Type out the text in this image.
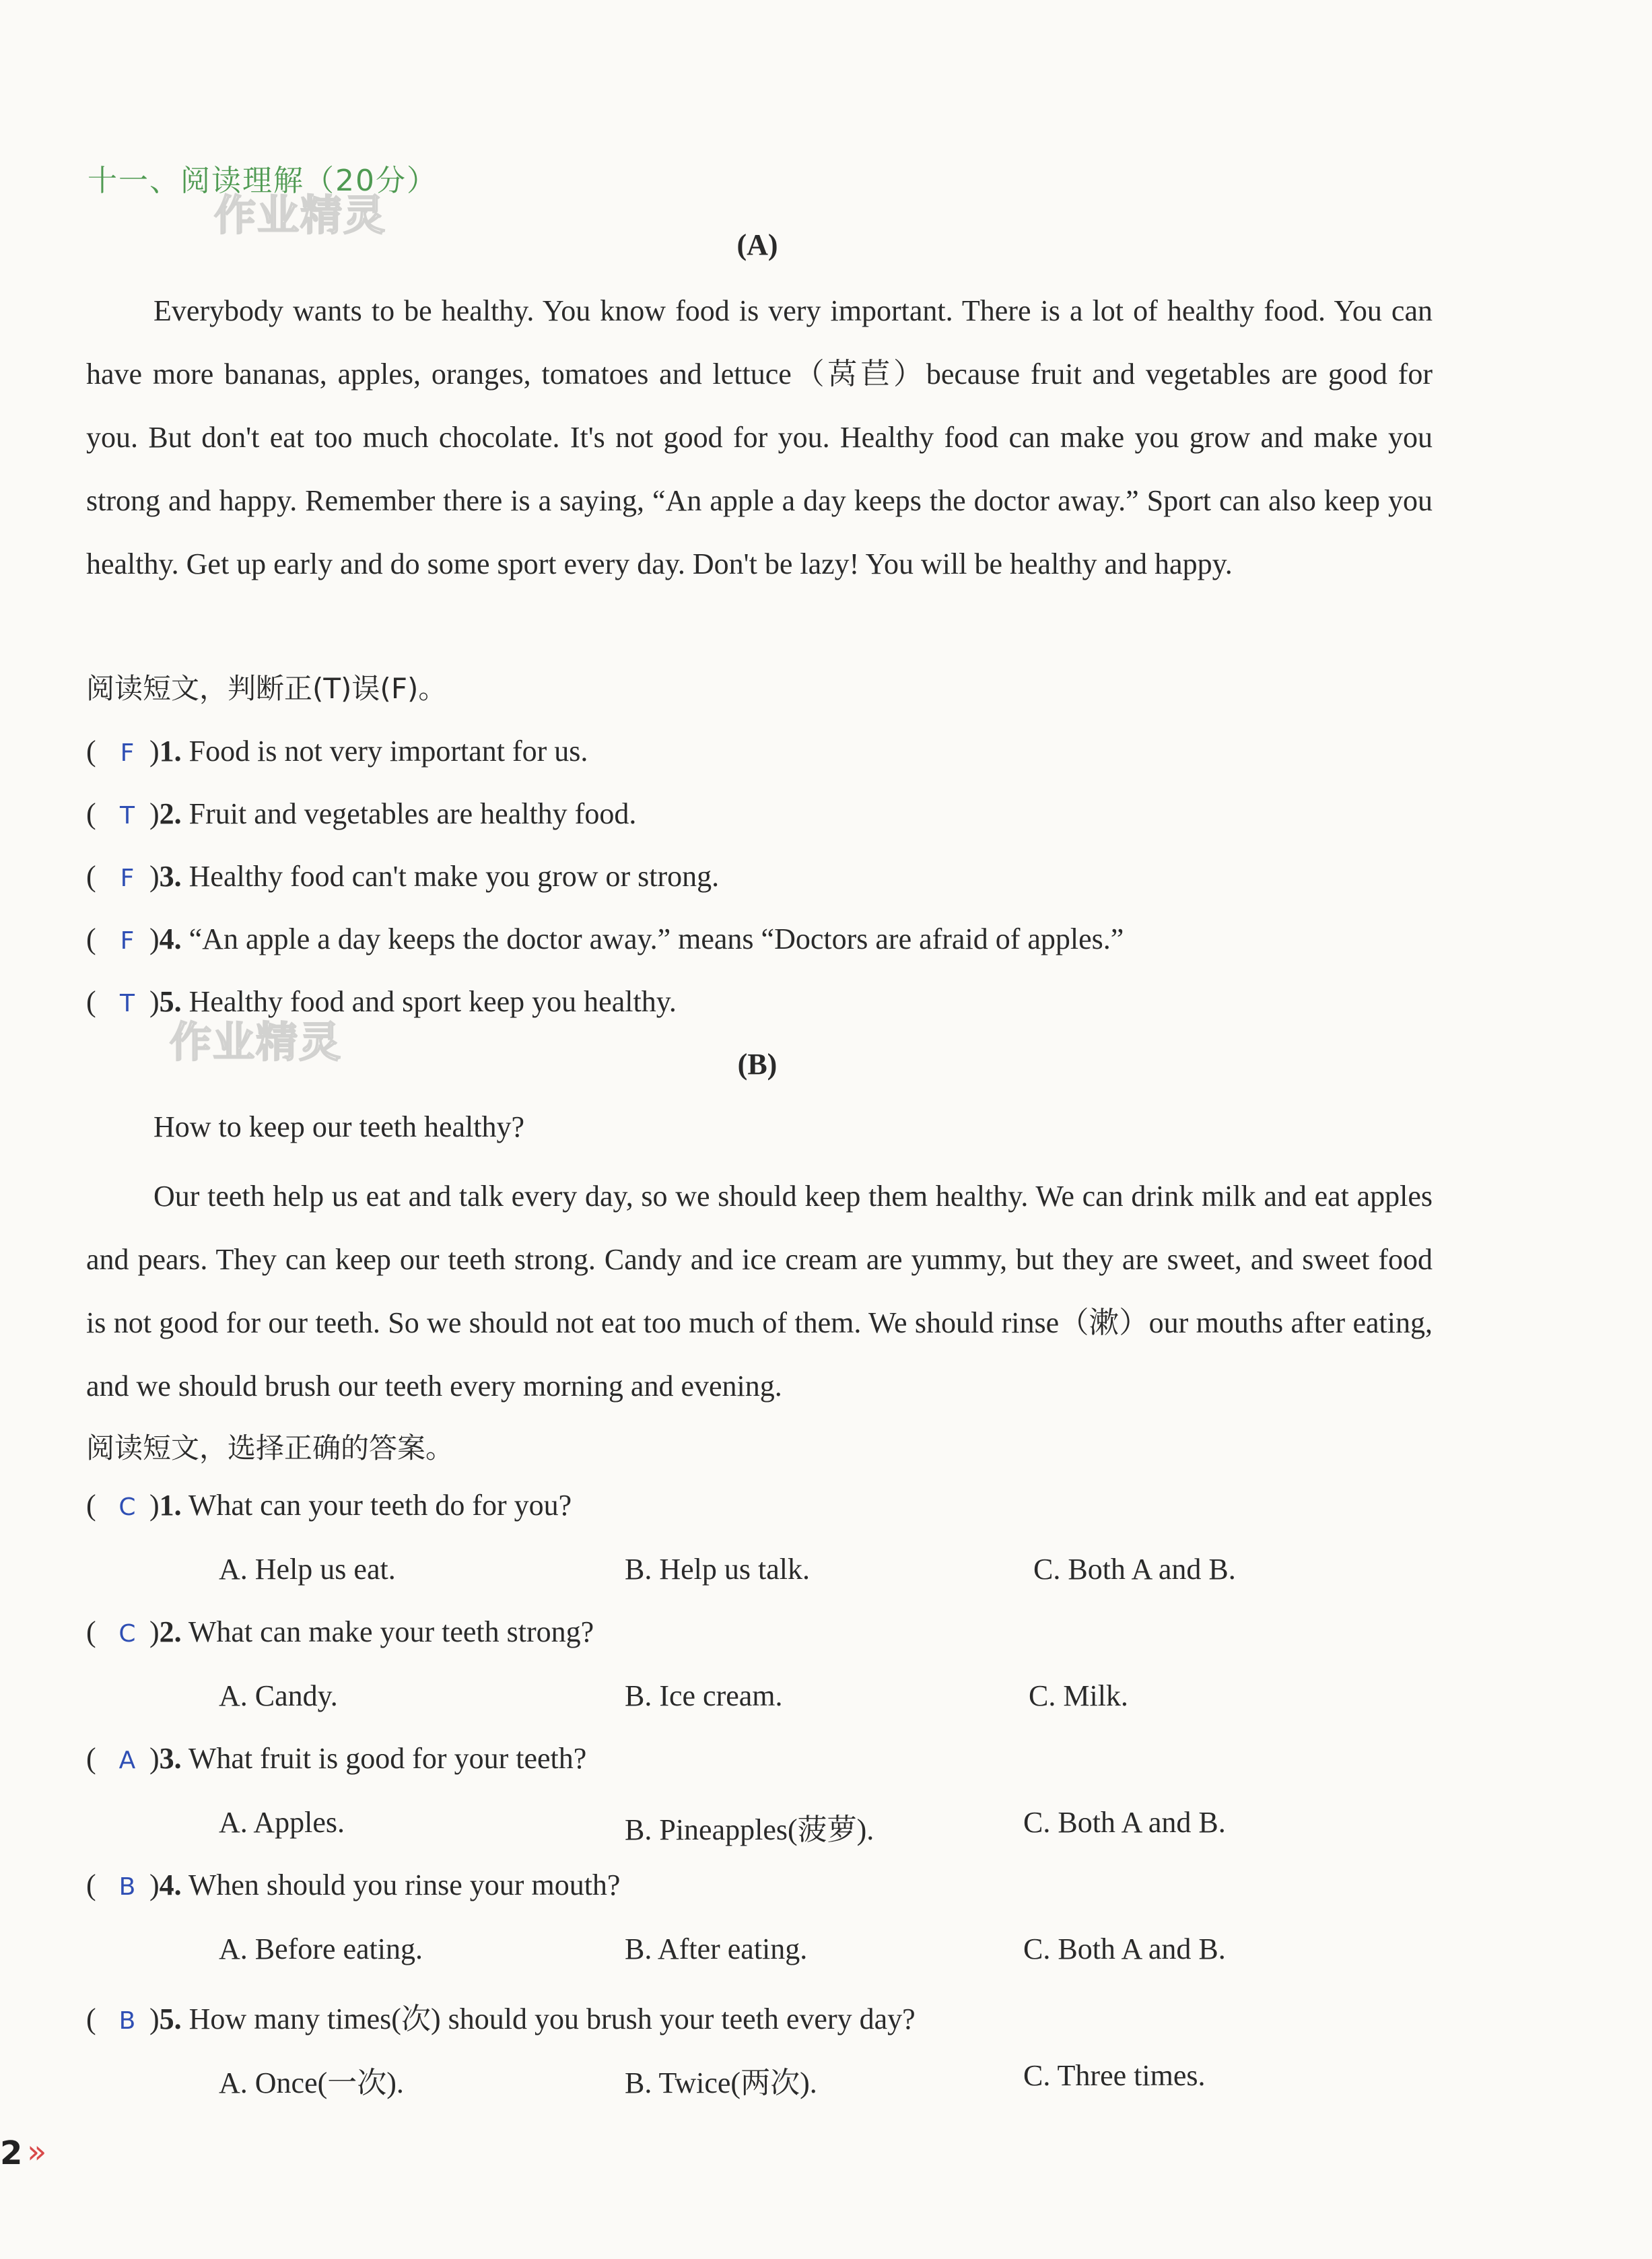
十一、阅读理解（20分）
作业精灵
(A)
Everybody wants to be healthy. You know food is very important. There is a lot of healthy food. You can have more bananas, apples, oranges, tomatoes and lettuce（莴苣）because fruit and vegetables are good for you. But don't eat too much chocolate. It's not good for you. Healthy food can make you grow and make you strong and happy. Remember there is a saying, “An apple a day keeps the doctor away.” Sport can also keep you healthy. Get up early and do some sport every day. Don't be lazy! You will be healthy and happy.
阅读短文，判断正(T)误(F)。
( F )1. Food is not very important for us.
( T )2. Fruit and vegetables are healthy food.
( F )3. Healthy food can't make you grow or strong.
( F )4. “An apple a day keeps the doctor away.” means “Doctors are afraid of apples.”
( T )5. Healthy food and sport keep you healthy.
作业精灵	(B)
How to keep our teeth healthy?
Our teeth help us eat and talk every day, so we should keep them healthy. We can drink milk and eat apples and pears. They can keep our teeth strong. Candy and ice cream are yummy, but they are sweet, and sweet food is not good for our teeth. So we should not eat too much of them. We should rinse（漱）our mouths after eating, and we should brush our teeth every morning and evening.
阅读短文，选择正确的答案。
( C )1. What can your teeth do for you?
A. Help us eat.	B. Help us talk.	C. Both A and B.
( C )2. What can make your teeth strong?
A. Candy.	B. Ice cream.	C. Milk.
( A )3. What fruit is good for your teeth?
A. Apples.	B. Pineapples(菠萝).	C. Both A and B.
( B )4. When should you rinse your mouth?
A. Before eating.	B. After eating.	C. Both A and B.
( B )5. How many times(次) should you brush your teeth every day?
A. Once(一次).	B. Twice(两次).	C. Three times.
2 »
